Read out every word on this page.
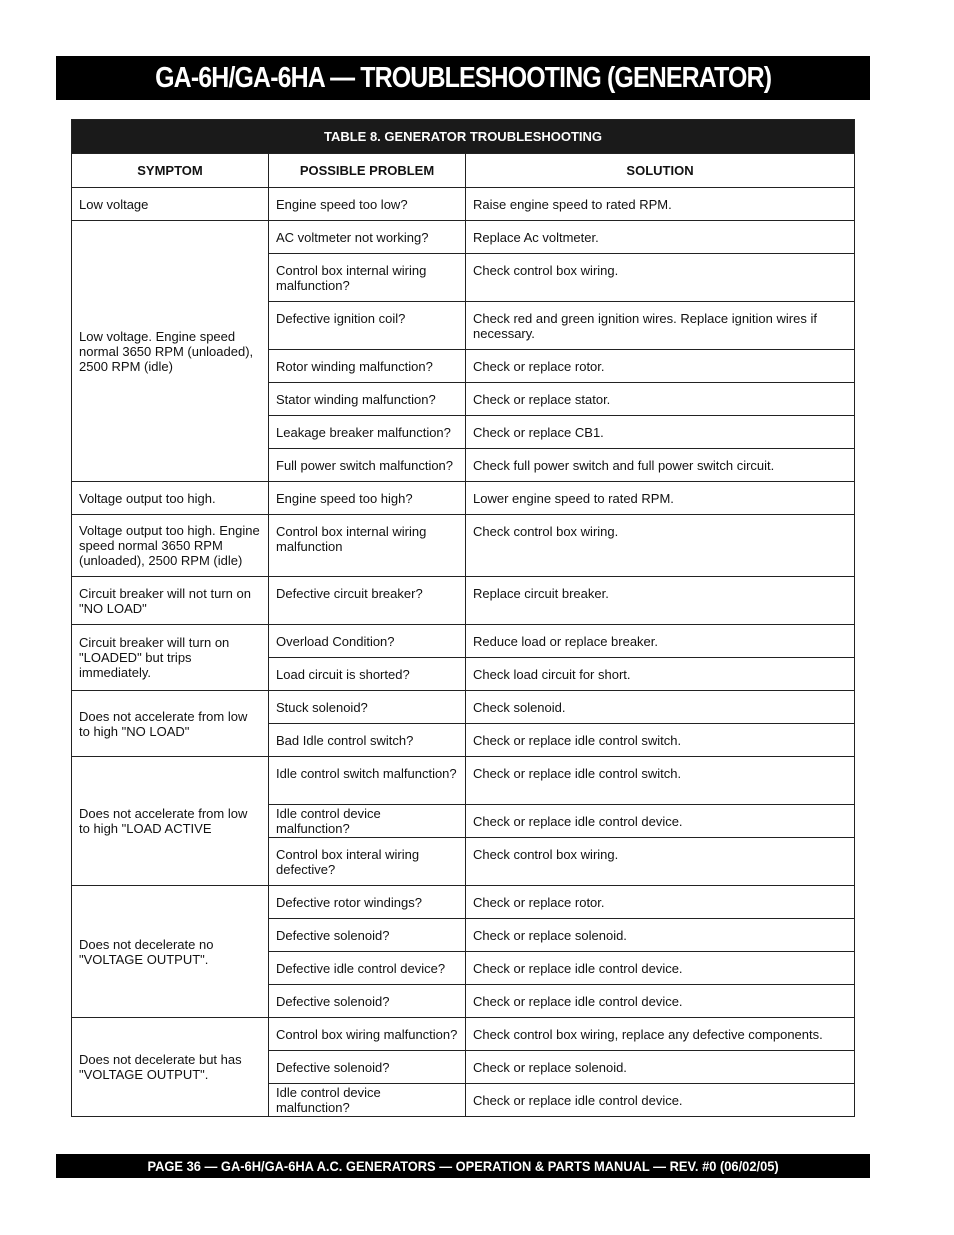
GA-6H/GA-6HA — TROUBLESHOOTING (GENERATOR)
TABLE 8. GENERATOR TROUBLESHOOTING		
SYMPTOM	POSSIBLE PROBLEM	SOLUTION
Low voltage	Engine speed too low?	Raise engine speed to rated RPM.
Low voltage. Engine speed normal 3650 RPM (unloaded), 2500 RPM (idle)	AC voltmeter not working?	Replace Ac voltmeter.
	Control box internal wiring malfunction?	Check control box wiring.
	Defective ignition coil?	Check red and green ignition wires. Replace ignition wires if necessary.
	Rotor winding malfunction?	Check or replace rotor.
	Stator winding malfunction?	Check or replace stator.
	Leakage breaker malfunction?	Check or replace CB1.
	Full power switch malfunction?	Check full power switch and full power switch circuit.
Voltage output too high.	Engine speed too high?	Lower engine speed to rated RPM.
Voltage output too high. Engine speed normal 3650 RPM (unloaded), 2500 RPM (idle)	Control box internal wiring malfunction	Check control box wiring.
Circuit breaker will not turn on "NO LOAD"	Defective circuit breaker?	Replace circuit breaker.
Circuit breaker will turn on "LOADED" but trips immediately.	Overload Condition?	Reduce load or replace breaker.
	Load circuit is shorted?	Check load circuit for short.
Does not accelerate from low to high "NO LOAD"	Stuck solenoid?	Check solenoid.
	Bad Idle control switch?	Check or replace idle control switch.
Does not accelerate from low to high "LOAD ACTIVE	Idle control switch malfunction?	Check or replace idle control switch.
	Idle control device malfunction?	Check or replace idle control device.
	Control box interal wiring defective?	Check control box wiring.
Does not decelerate no "VOLTAGE OUTPUT".	Defective rotor windings?	Check or replace rotor.
	Defective solenoid?	Check or replace solenoid.
	Defective idle control device?	Check or replace idle control device.
	Defective solenoid?	Check or replace idle control device.
Does not decelerate but has "VOLTAGE OUTPUT".	Control box wiring malfunction?	Check control box wiring, replace any defective components.
	Defective solenoid?	Check or replace solenoid.
	Idle control device malfunction?	Check or replace idle control device.
PAGE 36 — GA-6H/GA-6HA A.C. GENERATORS — OPERATION & PARTS MANUAL — REV. #0 (06/02/05)
